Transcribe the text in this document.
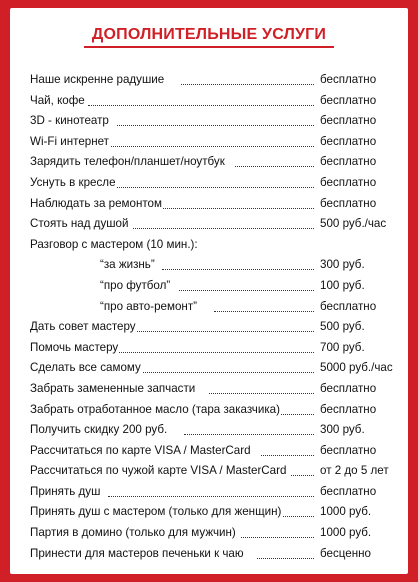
ДОПОЛНИТЕЛЬНЫЕ УСЛУГИ
Наше искренне радушие	бесплатно
Чай, кофе	бесплатно
3D - кинотеатр	бесплатно
Wi-Fi интернет	бесплатно
Зарядить телефон/планшет/ноутбук	бесплатно
Уснуть в кресле	бесплатно
Наблюдать за ремонтом	бесплатно
Стоять над душой	500 руб./час
Разговор с мастером (10 мин.):
“за жизнь”	300 руб.
“про футбол”	100 руб.
“про авто-ремонт”	бесплатно
Дать совет мастеру	500 руб.
Помочь мастеру	700 руб.
Сделать все самому	5000 руб./час
Забрать замененные запчасти	бесплатно
Забрать отработанное масло (тара заказчика)	бесплатно
Получить скидку 200 руб.	300 руб.
Рассчитаться по карте VISA / MasterCard	бесплатно
Рассчитаться по чужой карте VISA / MasterCard	от 2 до 5 лет
Принять душ	бесплатно
Принять душ с мастером (только для женщин)	1000 руб.
Партия в домино (только для мужчин)	1000 руб.
Принести для мастеров печеньки к чаю	бесценно
